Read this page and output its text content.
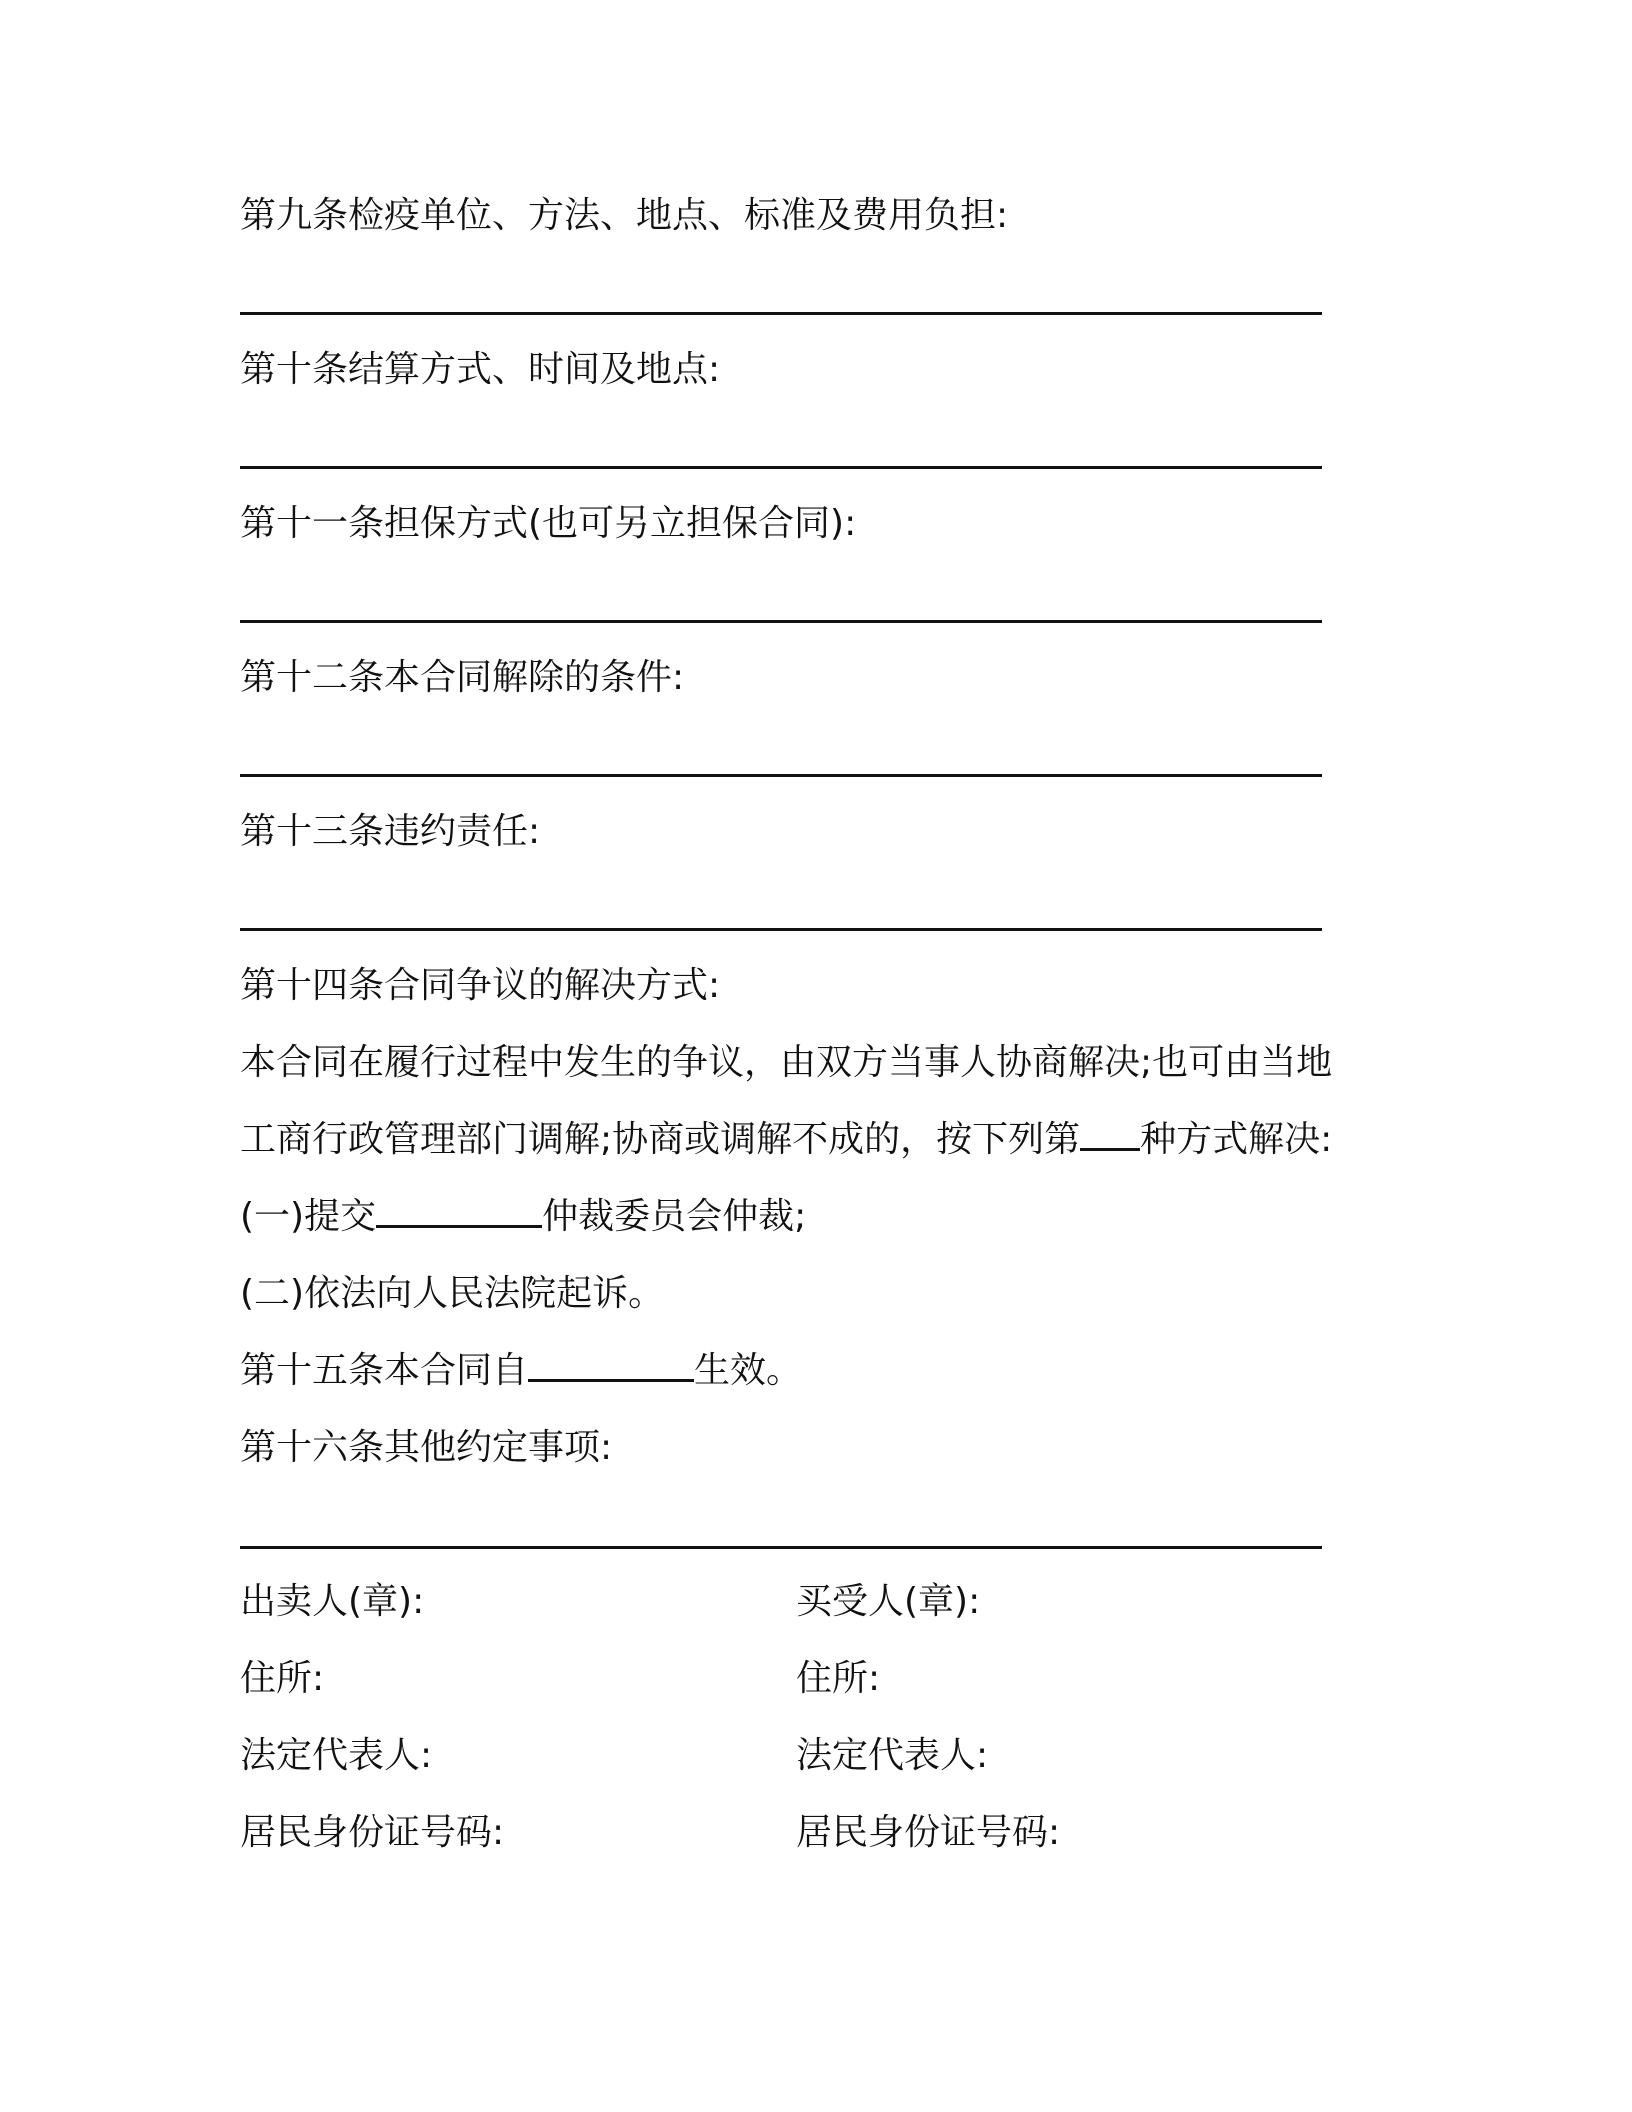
第九条检疫单位、方法、地点、标准及费用负担:
第十条结算方式、时间及地点:
第十一条担保方式(也可另立担保合同):
第十二条本合同解除的条件:
第十三条违约责任:
第十四条合同争议的解决方式:
本合同在履行过程中发生的争议，由双方当事人协商解决;也可由当地
工商行政管理部门调解;协商或调解不成的，按下列第 种方式解决:
(一)提交	仲裁委员会仲裁;
(二)依法向人民法院起诉。
第十五条本合同自	生效。
第十六条其他约定事项:
出卖人(章):	买受人(章):
住所:	住所:
法定代表人:	法定代表人:
居民身份证号码:	居民身份证号码:
